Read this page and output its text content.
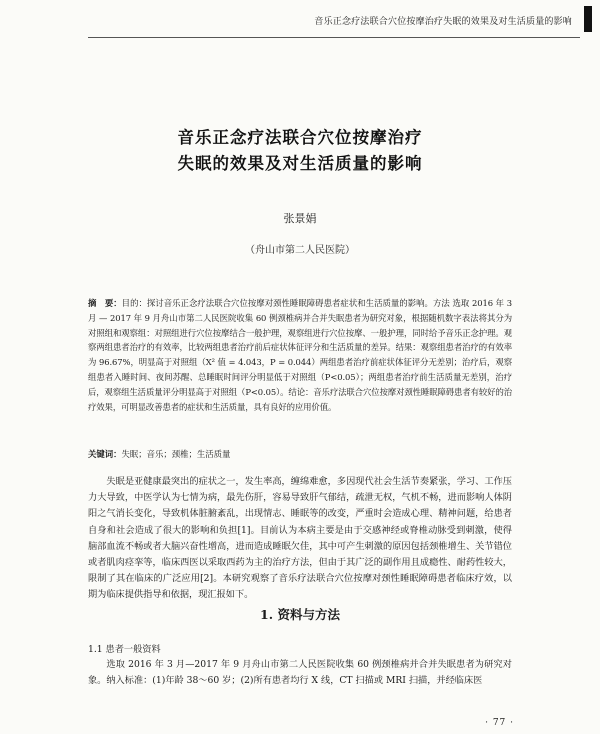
音乐正念疗法联合穴位按摩治疗失眠的效果及对生活质量的影响
音乐正念疗法联合穴位按摩治疗
失眠的效果及对生活质量的影响
张景娟
（舟山市第二人民医院）
摘　要：目的：探讨音乐正念疗法联合穴位按摩对颈性睡眠障碍患者症状和生活质量的影响。方法 选取 2016 年 3 月 — 2017 年 9 月舟山市第二人民医院收集 60 例颈椎病并合并失眠患者为研究对象，根据随机数字表法将其分为对照组和观察组：对照组进行穴位按摩结合一般护理，观察组进行穴位按摩、一般护理，同时给予音乐正念护理。观察两组患者治疗的有效率，比较两组患者治疗前后症状体征评分和生活质量的差异。结果：观察组患者治疗的有效率为 96.67%，明显高于对照组（X² 值 = 4.043，P = 0.044）两组患者治疗前症状体征评分无差别；治疗后，观察组患者入睡时间、夜间苏醒、总睡眠时间评分明显低于对照组（P<0.05）；两组患者治疗前生活质量无差别，治疗后，观察组生活质量评分明显高于对照组（P<0.05）。结论：音乐疗法联合穴位按摩对颈性睡眠障碍患者有较好的治疗效果，可明显改善患者的症状和生活质量，具有良好的应用价值。
关键词：失眠；音乐；颈椎；生活质量

失眠是亚健康最突出的症状之一，发生率高，缠绵难愈，多因现代社会生活节奏紧张，学习、工作压力大导致，中医学认为七情为病，最先伤肝，容易导致肝气郁结，疏泄无权，气机不畅，进而影响人体阴阳之气消长变化，导致机体脏腑紊乱，出现情志、睡眠等的改变，严重时会造成心理、精神问题，给患者自身和社会造成了很大的影响和负担[1]。目前认为本病主要是由于交感神经或脊椎动脉受到刺激，使得脑部血流不畅或者大脑兴奋性增高，进而造成睡眠欠佳，其中可产生刺激的原因包括颈椎增生、关节错位或者肌肉痉挛等，临床西医以采取西药为主的治疗方法，但由于其广泛的副作用且成瘾性、耐药性较大，限制了其在临床的广泛应用[2]。本研究观察了音乐疗法联合穴位按摩对颈性睡眠障碍患者临床疗效，以期为临床提供指导和依据，现汇报如下。

1. 资料与方法
1.1 患者一般资料

选取 2016 年 3 月—2017 年 9 月舟山市第二人民医院收集 60 例颈椎病并合并失眠患者为研究对象。纳入标准：(1)年龄 38～60 岁；(2)所有患者均行 X 线，CT 扫描或 MRI 扫描，并经临床医

· 77 ·
